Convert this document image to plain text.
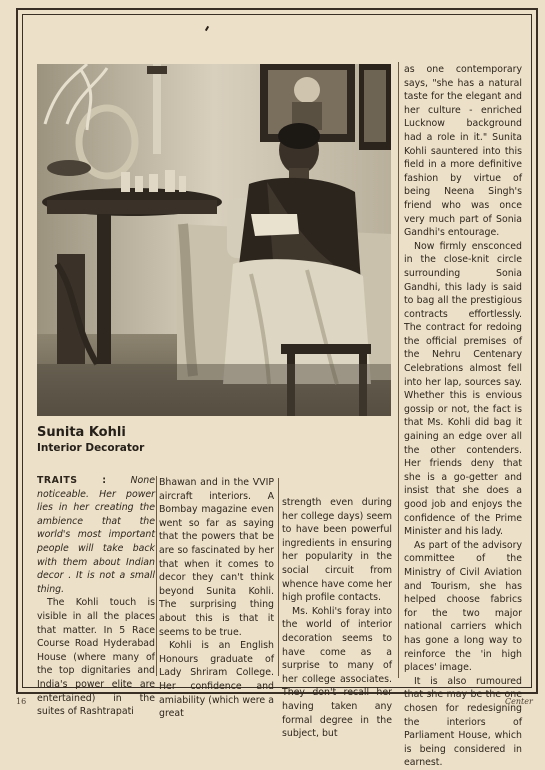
Sunita Kohli
Interior Decorator

TRAITS : None noticeable. Her power lies in her creating the ambience that the world's most important people will take back with them about Indian decor . It is not a small thing.

The Kohli touch is visible in all the places that matter. In 5 Race Course Road Hyderabad House (where many of the top dignitaries and India's power elite are entertained) in the suites of Rashtrapati

Bhawan and in the VVIP aircraft interiors. A Bombay magazine even went so far as saying that the powers that be are so fascinated by her that when it comes to decor they can't think beyond Sunita Kohli. The surprising thing about this is that it seems to be true.

Kohli is an English Honours graduate of Lady Shriram College. Her confidence and amiability (which were a great

strength even during her college days) seem to have been powerful ingredients in ensuring her popularity in the social circuit from whence have come her high profile contacts.

Ms. Kohli's foray into the world of interior decoration seems to have come as a surprise to many of her college associates. They don't recall her having taken any formal degree in the subject, but

as one contemporary says, "she has a natural taste for the elegant and her culture - enriched Lucknow background had a role in it." Sunita Kohli sauntered into this field in a more definitive fashion by virtue of being Neena Singh's friend who was once very much part of Sonia Gandhi's entourage.

Now firmly ensconced in the close-knit circle surrounding Sonia Gandhi, this lady is said to bag all the prestigious contracts effortlessly. The contract for redoing the official premises of the Nehru Centenary Celebrations almost fell into her lap, sources say. Whether this is envious gossip or not, the fact is that Ms. Kohli did bag it gaining an edge over all the other contenders. Her friends deny that she is a go-getter and insist that she does a good job and enjoys the confidence of the Prime Minister and his lady.

As part of the advisory committee of the Ministry of Civil Aviation and Tourism, she has helped choose fabrics for the two major national carriers which has gone a long way to reinforce the 'in high places' image.

It is also rumoured that she may be the one chosen for redesigning the interiors of Parliament House, which is being considered in earnest.

16	Center
